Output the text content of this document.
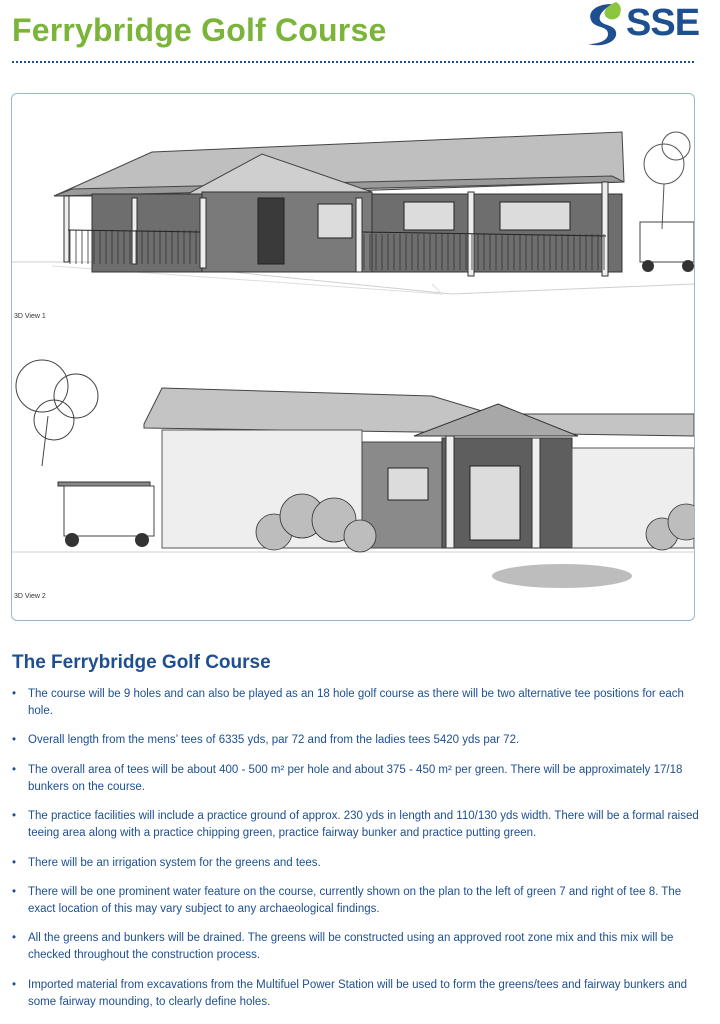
Ferrybridge Golf Course	SSE
3D View 1
3D View 2
The Ferrybridge Golf Course
• The course will be 9 holes and can also be played as an 18 hole golf course as there will be two alternative tee positions for each hole.
• Overall length from the mens’ tees of 6335 yds, par 72 and from the ladies tees 5420 yds par 72.
• The overall area of tees will be about 400 - 500 m² per hole and about 375 - 450 m² per green. There will be approximately 17/18 bunkers on the course.
• The practice facilities will include a practice ground of approx. 230 yds in length and 110/130 yds width. There will be a formal raised teeing area along with a practice chipping green, practice fairway bunker and practice putting green.
• There will be an irrigation system for the greens and tees.
• There will be one prominent water feature on the course, currently shown on the plan to the left of green 7 and right of tee 8. The exact location of this may vary subject to any archaeological findings.
• All the greens and bunkers will be drained. The greens will be constructed using an approved root zone mix and this mix will be checked throughout the construction process.
• Imported material from excavations from the Multifuel Power Station will be used to form the greens/tees and fairway bunkers and some fairway mounding, to clearly define holes.
